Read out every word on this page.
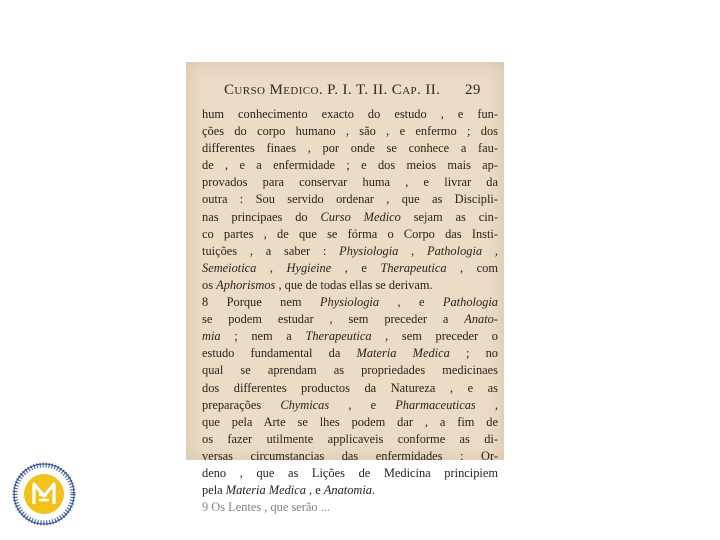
Curso Medico. P. I. T. II. Cap. II. 29
hum conhecimento exacto do estudo , e fun-
ções do corpo humano , são , e enfermo ; dos
differentes finaes , por onde se conhece a fau-
de , e a enfermidade ; e dos meios mais ap-
provados para conservar huma , e livrar da
outra : Sou servido ordenar , que as Discipli-
nas principaes do Curso Medico sejam as cin-
co partes , de que se fórma o Corpo das Insti-
tuições , a saber : Physiologia , Pathologia ,
Semeiotica , Hygieine , e Therapeutica , com
os Aphorismos , que de todas ellas se derivam.
8 Porque nem Physiologia , e Pathologia
se podem estudar , sem preceder a Anato-
mia ; nem a Therapeutica , sem preceder o
estudo fundamental da Materia Medica ; no
qual se aprendam as propriedades medicinaes
dos differentes productos da Natureza , e as
preparações Chymicas , e Pharmaceuticas ,
que pela Arte se lhes podem dar , a fim de
os fazer utilmente applicaveis conforme as di-
versas circumstancias das enfermidades : Or-
deno , que as Lições de Medicina principiem
pela Materia Medica , e Anatomia.
9 Os Lentes , que serão ...
